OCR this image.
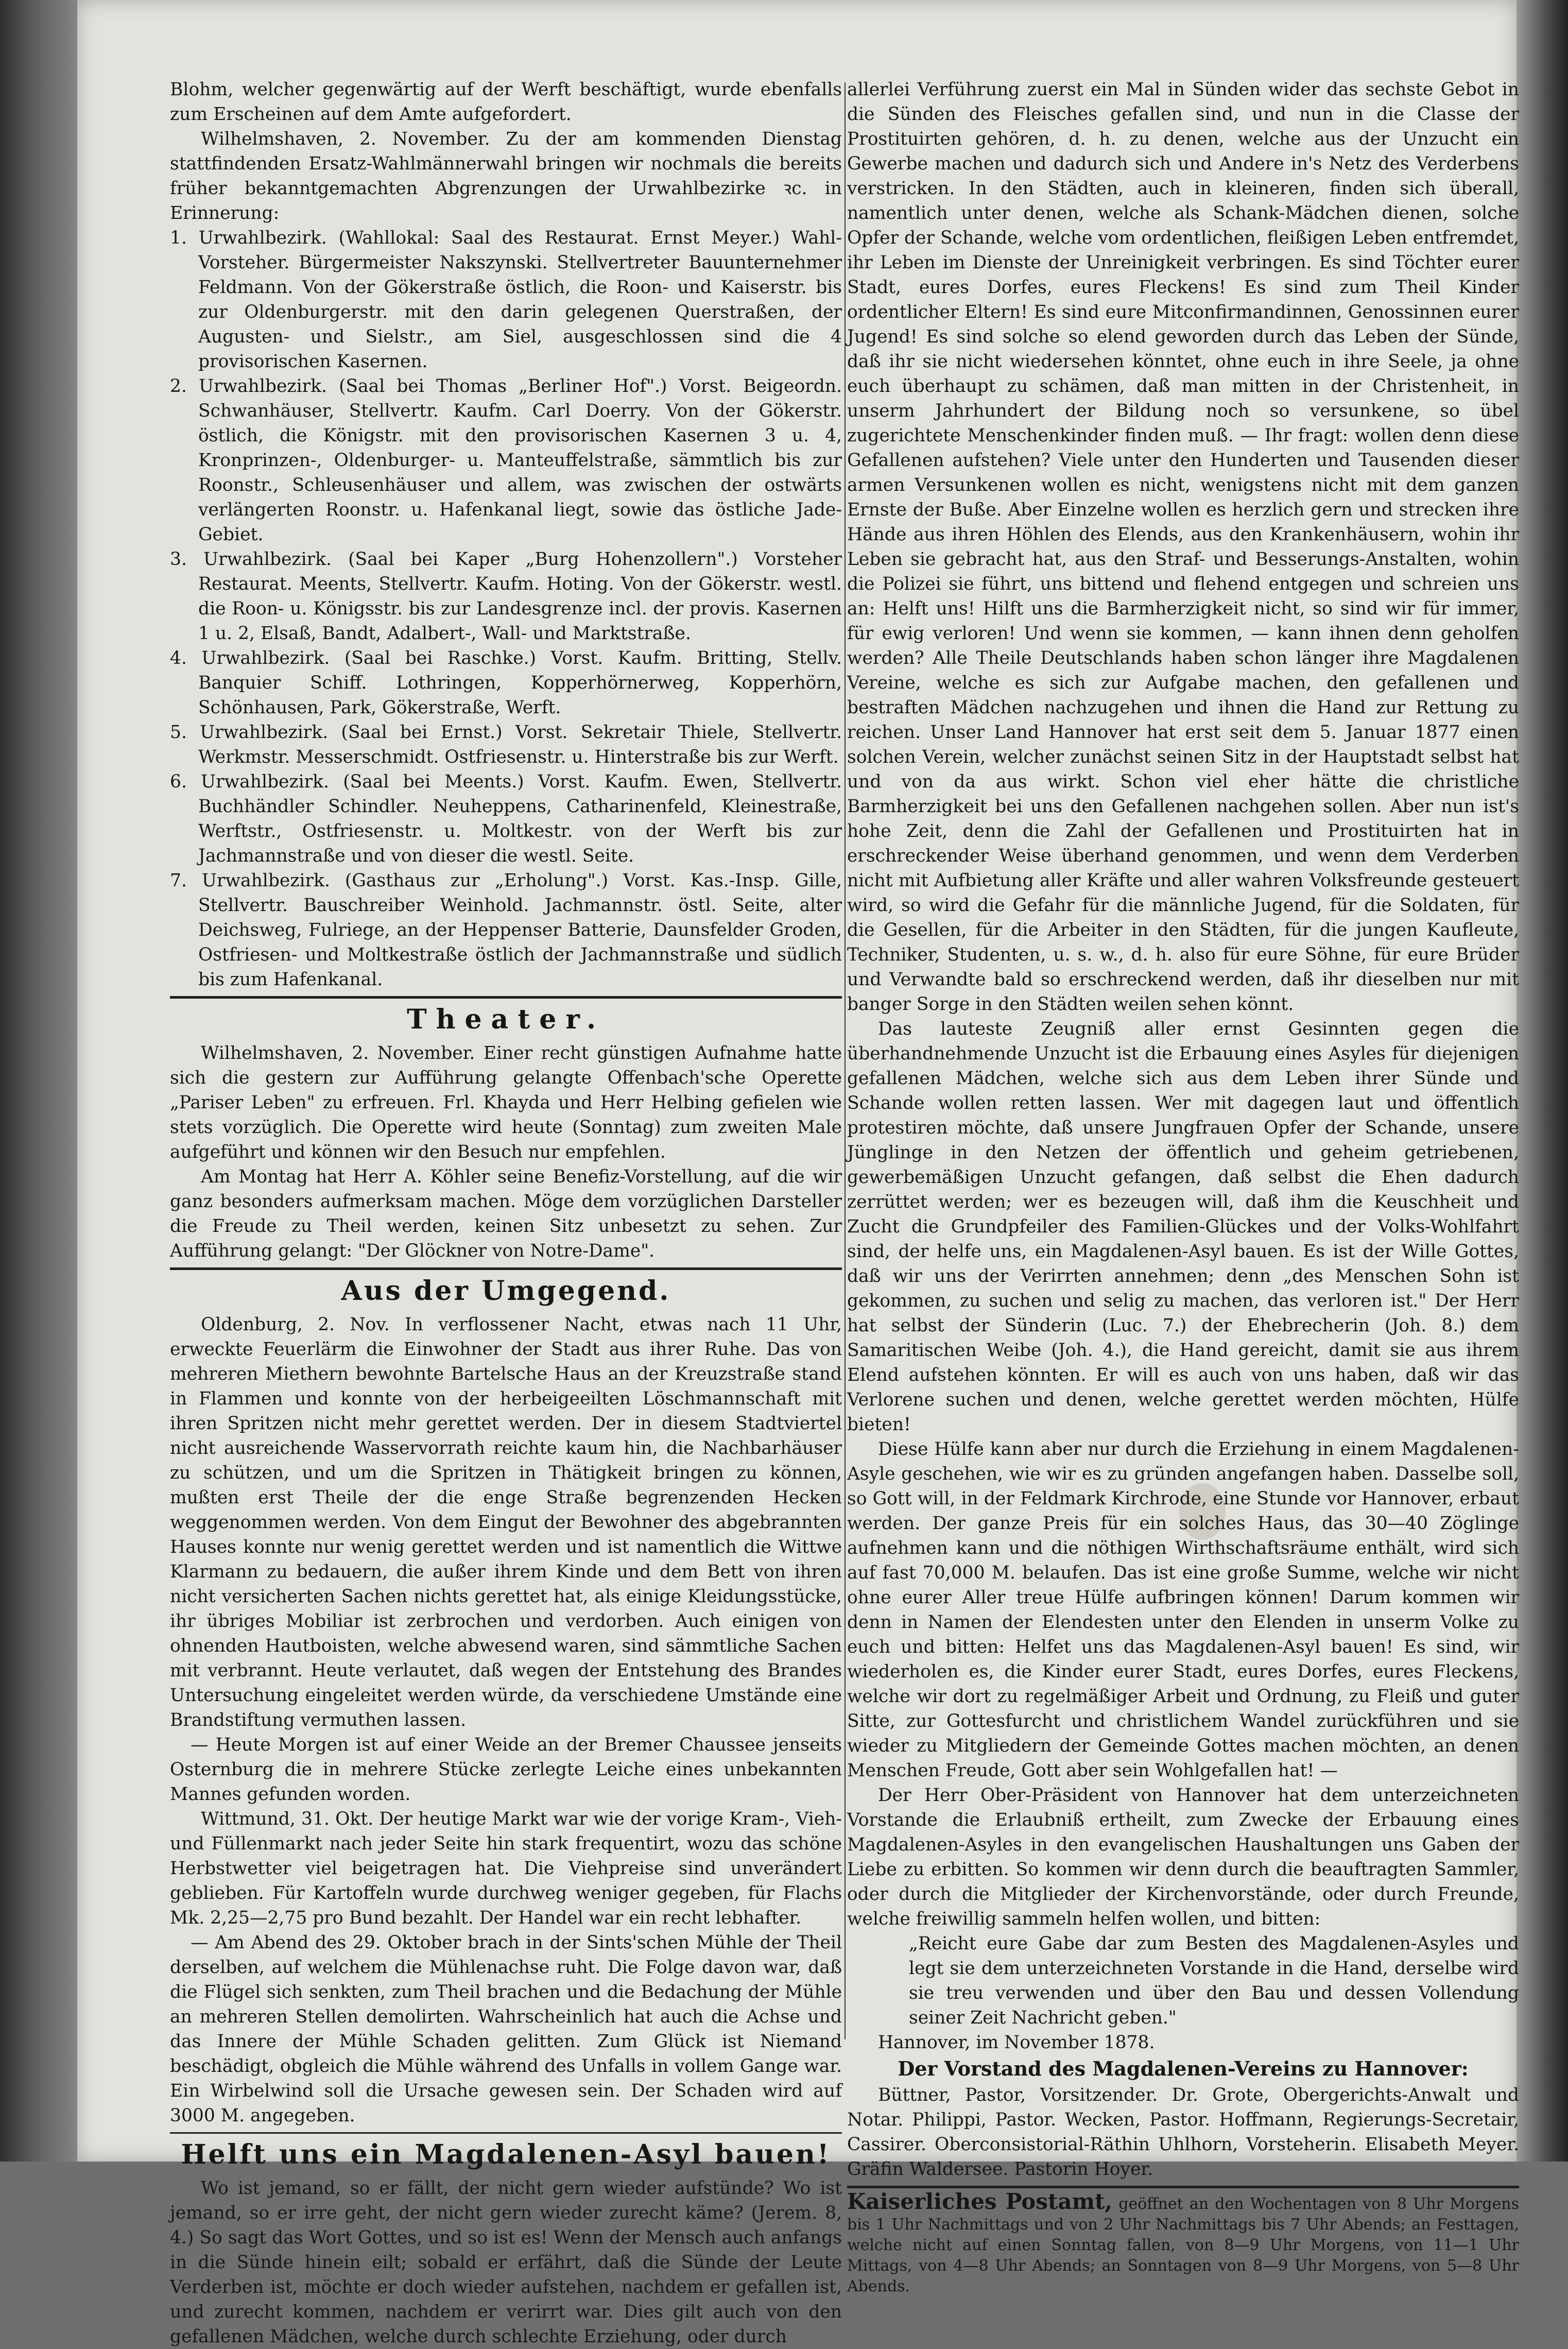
Blohm, welcher gegenwärtig auf der Werft beschäftigt, wurde ebenfalls zum Erscheinen auf dem Amte aufgefordert.

Wilhelmshaven, 2. November. Zu der am kommenden Dienstag stattfindenden Ersatz-Wahlmännerwahl bringen wir nochmals die bereits früher bekanntgemachten Abgrenzungen der Urwahlbezirke ꝛc. in Erinnerung:

1. Urwahlbezirk. (Wahllokal: Saal des Restaurat. Ernst Meyer.) Wahl-Vorsteher. Bürgermeister Nakszynski. Stellvertreter Bauunternehmer Feldmann. Von der Gökerstraße östlich, die Roon- und Kaiserstr. bis zur Oldenburgerstr. mit den darin gelegenen Querstraßen, der Augusten- und Sielstr., am Siel, ausgeschlossen sind die 4 provisorischen Kasernen.

2. Urwahlbezirk. (Saal bei Thomas „Berliner Hof".) Vorst. Beigeordn. Schwanhäuser, Stellvertr. Kaufm. Carl Doerry. Von der Gökerstr. östlich, die Königstr. mit den provisorischen Kasernen 3 u. 4, Kronprinzen-, Oldenburger- u. Manteuffelstraße, sämmtlich bis zur Roonstr., Schleusenhäuser und allem, was zwischen der ostwärts verlängerten Roonstr. u. Hafenkanal liegt, sowie das östliche Jade-Gebiet.

3. Urwahlbezirk. (Saal bei Kaper „Burg Hohenzollern".) Vorsteher Restaurat. Meents, Stellvertr. Kaufm. Hoting. Von der Gökerstr. westl. die Roon- u. Königsstr. bis zur Landesgrenze incl. der provis. Kasernen 1 u. 2, Elsaß, Bandt, Adalbert-, Wall- und Marktstraße.

4. Urwahlbezirk. (Saal bei Raschke.) Vorst. Kaufm. Britting, Stellv. Banquier Schiff. Lothringen, Kopperhörnerweg, Kopperhörn, Schönhausen, Park, Gökerstraße, Werft.

5. Urwahlbezirk. (Saal bei Ernst.) Vorst. Sekretair Thiele, Stellvertr. Werkmstr. Messerschmidt. Ostfriesenstr. u. Hinterstraße bis zur Werft.

6. Urwahlbezirk. (Saal bei Meents.) Vorst. Kaufm. Ewen, Stellvertr. Buchhändler Schindler. Neuheppens, Catharinenfeld, Kleinestraße, Werftstr., Ostfriesenstr. u. Moltkestr. von der Werft bis zur Jachmannstraße und von dieser die westl. Seite.

7. Urwahlbezirk. (Gasthaus zur „Erholung".) Vorst. Kas.-Insp. Gille, Stellvertr. Bauschreiber Weinhold. Jachmannstr. östl. Seite, alter Deichsweg, Fulriege, an der Heppenser Batterie, Daunsfelder Groden, Ostfriesen- und Moltkestraße östlich der Jachmannstraße und südlich bis zum Hafenkanal.

Theater.

Wilhelmshaven, 2. November. Einer recht günstigen Aufnahme hatte sich die gestern zur Aufführung gelangte Offenbach'sche Operette „Pariser Leben" zu erfreuen. Frl. Khayda und Herr Helbing gefielen wie stets vorzüglich. Die Operette wird heute (Sonntag) zum zweiten Male aufgeführt und können wir den Besuch nur empfehlen.

Am Montag hat Herr A. Köhler seine Benefiz-Vorstellung, auf die wir ganz besonders aufmerksam machen. Möge dem vorzüglichen Darsteller die Freude zu Theil werden, keinen Sitz unbesetzt zu sehen. Zur Aufführung gelangt: "Der Glöckner von Notre-Dame".

Aus der Umgegend.

Oldenburg, 2. Nov. In verflossener Nacht, etwas nach 11 Uhr, erweckte Feuerlärm die Einwohner der Stadt aus ihrer Ruhe. Das von mehreren Miethern bewohnte Bartelsche Haus an der Kreuzstraße stand in Flammen und konnte von der herbeigeeilten Löschmannschaft mit ihren Spritzen nicht mehr gerettet werden. Der in diesem Stadtviertel nicht ausreichende Wasservorrath reichte kaum hin, die Nachbarhäuser zu schützen, und um die Spritzen in Thätigkeit bringen zu können, mußten erst Theile der die enge Straße begrenzenden Hecken weggenommen werden. Von dem Eingut der Bewohner des abgebrannten Hauses konnte nur wenig gerettet werden und ist namentlich die Wittwe Klarmann zu bedauern, die außer ihrem Kinde und dem Bett von ihren nicht versicherten Sachen nichts gerettet hat, als einige Kleidungsstücke, ihr übriges Mobiliar ist zerbrochen und verdorben. Auch einigen von ohnenden Hautboisten, welche abwesend waren, sind sämmtliche Sachen mit verbrannt. Heute verlautet, daß wegen der Entstehung des Brandes Untersuchung eingeleitet werden würde, da verschiedene Umstände eine Brandstiftung vermuthen lassen.

— Heute Morgen ist auf einer Weide an der Bremer Chaussee jenseits Osternburg die in mehrere Stücke zerlegte Leiche eines unbekannten Mannes gefunden worden.

Wittmund, 31. Okt. Der heutige Markt war wie der vorige Kram-, Vieh- und Füllenmarkt nach jeder Seite hin stark frequentirt, wozu das schöne Herbstwetter viel beigetragen hat. Die Viehpreise sind unverändert geblieben. Für Kartoffeln wurde durchweg weniger gegeben, für Flachs Mk. 2,25—2,75 pro Bund bezahlt. Der Handel war ein recht lebhafter.

— Am Abend des 29. Oktober brach in der Sints'schen Mühle der Theil derselben, auf welchem die Mühlenachse ruht. Die Folge davon war, daß die Flügel sich senkten, zum Theil brachen und die Bedachung der Mühle an mehreren Stellen demolirten. Wahrscheinlich hat auch die Achse und das Innere der Mühle Schaden gelitten. Zum Glück ist Niemand beschädigt, obgleich die Mühle während des Unfalls in vollem Gange war. Ein Wirbelwind soll die Ursache gewesen sein. Der Schaden wird auf 3000 M. angegeben.

Helft uns ein Magdalenen-Asyl bauen!

Wo ist jemand, so er fällt, der nicht gern wieder aufstünde? Wo ist jemand, so er irre geht, der nicht gern wieder zurecht käme? (Jerem. 8, 4.) So sagt das Wort Gottes, und so ist es! Wenn der Mensch auch anfangs in die Sünde hinein eilt; sobald er erfährt, daß die Sünde der Leute Verderben ist, möchte er doch wieder aufstehen, nachdem er gefallen ist, und zurecht kommen, nachdem er verirrt war. Dies gilt auch von den gefallenen Mädchen, welche durch schlechte Erziehung, oder durch

allerlei Verführung zuerst ein Mal in Sünden wider das sechste Gebot in die Sünden des Fleisches gefallen sind, und nun in die Classe der Prostituirten gehören, d. h. zu denen, welche aus der Unzucht ein Gewerbe machen und dadurch sich und Andere in's Netz des Verderbens verstricken. In den Städten, auch in kleineren, finden sich überall, namentlich unter denen, welche als Schank-Mädchen dienen, solche Opfer der Schande, welche vom ordentlichen, fleißigen Leben entfremdet, ihr Leben im Dienste der Unreinigkeit verbringen. Es sind Töchter eurer Stadt, eures Dorfes, eures Fleckens! Es sind zum Theil Kinder ordentlicher Eltern! Es sind eure Mitconfirmandinnen, Genossinnen eurer Jugend! Es sind solche so elend geworden durch das Leben der Sünde, daß ihr sie nicht wiedersehen könntet, ohne euch in ihre Seele, ja ohne euch überhaupt zu schämen, daß man mitten in der Christenheit, in unserm Jahrhundert der Bildung noch so versunkene, so übel zugerichtete Menschenkinder finden muß. — Ihr fragt: wollen denn diese Gefallenen aufstehen? Viele unter den Hunderten und Tausenden dieser armen Versunkenen wollen es nicht, wenigstens nicht mit dem ganzen Ernste der Buße. Aber Einzelne wollen es herzlich gern und strecken ihre Hände aus ihren Höhlen des Elends, aus den Krankenhäusern, wohin ihr Leben sie gebracht hat, aus den Straf- und Besserungs-Anstalten, wohin die Polizei sie führt, uns bittend und flehend entgegen und schreien uns an: Helft uns! Hilft uns die Barmherzigkeit nicht, so sind wir für immer, für ewig verloren! Und wenn sie kommen, — kann ihnen denn geholfen werden? Alle Theile Deutschlands haben schon länger ihre Magdalenen Vereine, welche es sich zur Aufgabe machen, den gefallenen und bestraften Mädchen nachzugehen und ihnen die Hand zur Rettung zu reichen. Unser Land Hannover hat erst seit dem 5. Januar 1877 einen solchen Verein, welcher zunächst seinen Sitz in der Hauptstadt selbst hat und von da aus wirkt. Schon viel eher hätte die christliche Barmherzigkeit bei uns den Gefallenen nachgehen sollen. Aber nun ist's hohe Zeit, denn die Zahl der Gefallenen und Prostituirten hat in erschreckender Weise überhand genommen, und wenn dem Verderben nicht mit Aufbietung aller Kräfte und aller wahren Volksfreunde gesteuert wird, so wird die Gefahr für die männliche Jugend, für die Soldaten, für die Gesellen, für die Arbeiter in den Städten, für die jungen Kaufleute, Techniker, Studenten, u. s. w., d. h. also für eure Söhne, für eure Brüder und Verwandte bald so erschreckend werden, daß ihr dieselben nur mit banger Sorge in den Städten weilen sehen könnt.

Das lauteste Zeugniß aller ernst Gesinnten gegen die überhandnehmende Unzucht ist die Erbauung eines Asyles für diejenigen gefallenen Mädchen, welche sich aus dem Leben ihrer Sünde und Schande wollen retten lassen. Wer mit dagegen laut und öffentlich protestiren möchte, daß unsere Jungfrauen Opfer der Schande, unsere Jünglinge in den Netzen der öffentlich und geheim getriebenen, gewerbemäßigen Unzucht gefangen, daß selbst die Ehen dadurch zerrüttet werden; wer es bezeugen will, daß ihm die Keuschheit und Zucht die Grundpfeiler des Familien-Glückes und der Volks-Wohlfahrt sind, der helfe uns, ein Magdalenen-Asyl bauen. Es ist der Wille Gottes, daß wir uns der Verirrten annehmen; denn „des Menschen Sohn ist gekommen, zu suchen und selig zu machen, das verloren ist." Der Herr hat selbst der Sünderin (Luc. 7.) der Ehebrecherin (Joh. 8.) dem Samaritischen Weibe (Joh. 4.), die Hand gereicht, damit sie aus ihrem Elend aufstehen könnten. Er will es auch von uns haben, daß wir das Verlorene suchen und denen, welche gerettet werden möchten, Hülfe bieten!

Diese Hülfe kann aber nur durch die Erziehung in einem Magdalenen-Asyle geschehen, wie wir es zu gründen angefangen haben. Dasselbe soll, so Gott will, in der Feldmark Kirchrode, eine Stunde vor Hannover, erbaut werden. Der ganze Preis für ein solches Haus, das 30—40 Zöglinge aufnehmen kann und die nöthigen Wirthschaftsräume enthält, wird sich auf fast 70,000 M. belaufen. Das ist eine große Summe, welche wir nicht ohne eurer Aller treue Hülfe aufbringen können! Darum kommen wir denn in Namen der Elendesten unter den Elenden in unserm Volke zu euch und bitten: Helfet uns das Magdalenen-Asyl bauen! Es sind, wir wiederholen es, die Kinder eurer Stadt, eures Dorfes, eures Fleckens, welche wir dort zu regelmäßiger Arbeit und Ordnung, zu Fleiß und guter Sitte, zur Gottesfurcht und christlichem Wandel zurückführen und sie wieder zu Mitgliedern der Gemeinde Gottes machen möchten, an denen Menschen Freude, Gott aber sein Wohlgefallen hat! —

Der Herr Ober-Präsident von Hannover hat dem unterzeichneten Vorstande die Erlaubniß ertheilt, zum Zwecke der Erbauung eines Magdalenen-Asyles in den evangelischen Haushaltungen uns Gaben der Liebe zu erbitten. So kommen wir denn durch die beauftragten Sammler, oder durch die Mitglieder der Kirchenvorstände, oder durch Freunde, welche freiwillig sammeln helfen wollen, und bitten:

„Reicht eure Gabe dar zum Besten des Magdalenen-Asyles und legt sie dem unterzeichneten Vorstande in die Hand, derselbe wird sie treu verwenden und über den Bau und dessen Vollendung seiner Zeit Nachricht geben."

Hannover, im November 1878.

Der Vorstand des Magdalenen-Vereins zu Hannover:

Büttner, Pastor, Vorsitzender. Dr. Grote, Obergerichts-Anwalt und Notar. Philippi, Pastor. Wecken, Pastor. Hoffmann, Regierungs-Secretair, Cassirer. Oberconsistorial-Räthin Uhlhorn, Vorsteherin. Elisabeth Meyer. Gräfin Waldersee. Pastorin Hoyer.

Kaiserliches Postamt, geöffnet an den Wochentagen von 8 Uhr Morgens bis 1 Uhr Nachmittags und von 2 Uhr Nachmittags bis 7 Uhr Abends; an Festtagen, welche nicht auf einen Sonntag fallen, von 8—9 Uhr Morgens, von 11—1 Uhr Mittags, von 4—8 Uhr Abends; an Sonntagen von 8—9 Uhr Morgens, von 5—8 Uhr Abends.
